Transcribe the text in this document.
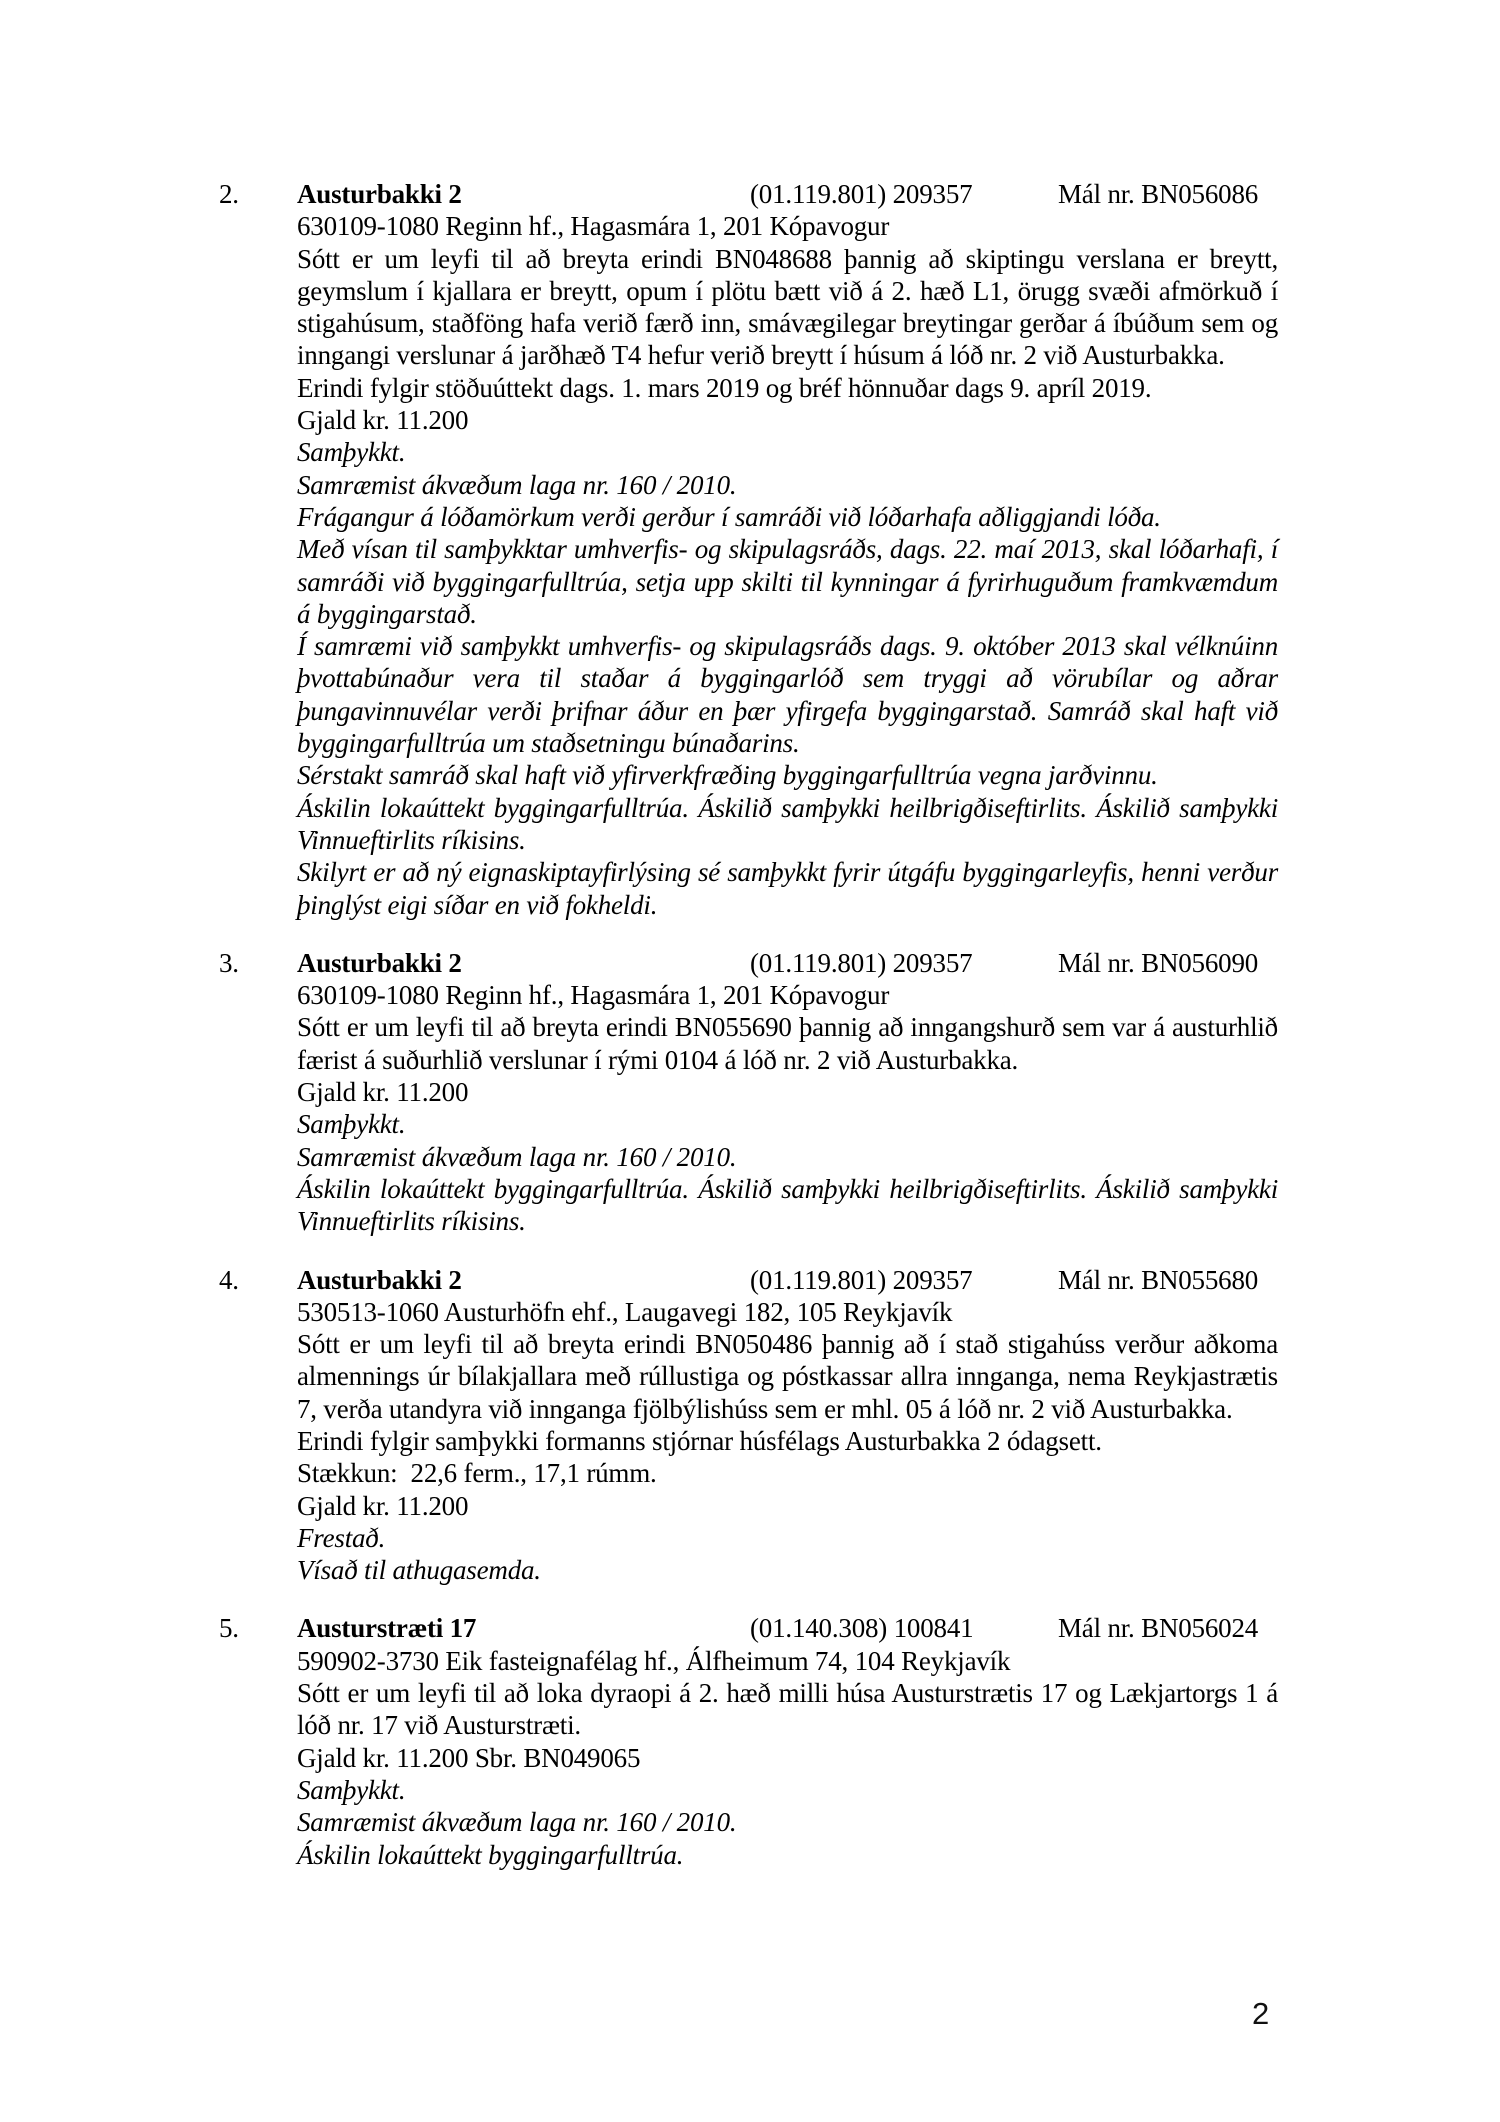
2. Austurbakki 2	(01.119.801) 209357	Mál nr. BN056086
630109-1080 Reginn hf., Hagasmára 1, 201 Kópavogur

Sótt er um leyfi til að breyta erindi BN048688 þannig að skiptingu verslana er breytt, geymslum í kjallara er breytt, opum í plötu bætt við á 2. hæð L1, örugg svæði afmörkuð í stigahúsum, staðföng hafa verið færð inn, smávægilegar breytingar gerðar á íbúðum sem og inngangi verslunar á jarðhæð T4 hefur verið breytt í húsum á lóð nr. 2 við Austurbakka.

Erindi fylgir stöðuúttekt dags. 1. mars 2019 og bréf hönnuðar dags 9. apríl 2019.

Gjald kr. 11.200

Samþykkt.

Samræmist ákvæðum laga nr. 160 / 2010.

Frágangur á lóðamörkum verði gerður í samráði við lóðarhafa aðliggjandi lóða.

Með vísan til samþykktar umhverfis- og skipulagsráðs, dags. 22. maí 2013, skal lóðarhafi, í samráði við byggingarfulltrúa, setja upp skilti til kynningar á fyrirhuguðum framkvæmdum á byggingarstað.

Í samræmi við samþykkt umhverfis- og skipulagsráðs dags. 9. október 2013 skal vélknúinn þvottabúnaður vera til staðar á byggingarlóð sem tryggi að vörubílar og aðrar þungavinnuvélar verði þrifnar áður en þær yfirgefa byggingarstað. Samráð skal haft við byggingarfulltrúa um staðsetningu búnaðarins.

Sérstakt samráð skal haft við yfirverkfræðing byggingarfulltrúa vegna jarðvinnu.

Áskilin lokaúttekt byggingarfulltrúa. Áskilið samþykki heilbrigðiseftirlits. Áskilið samþykki Vinnueftirlits ríkisins.

Skilyrt er að ný eignaskiptayfirlýsing sé samþykkt fyrir útgáfu byggingarleyfis, henni verður þinglýst eigi síðar en við fokheldi.

3. Austurbakki 2	(01.119.801) 209357	Mál nr. BN056090
630109-1080 Reginn hf., Hagasmára 1, 201 Kópavogur

Sótt er um leyfi til að breyta erindi BN055690 þannig að inngangshurð sem var á austurhlið færist á suðurhlið verslunar í rými 0104 á lóð nr. 2 við Austurbakka.

Gjald kr. 11.200

Samþykkt.

Samræmist ákvæðum laga nr. 160 / 2010.

Áskilin lokaúttekt byggingarfulltrúa. Áskilið samþykki heilbrigðiseftirlits. Áskilið samþykki Vinnueftirlits ríkisins.

4. Austurbakki 2	(01.119.801) 209357	Mál nr. BN055680
530513-1060 Austurhöfn ehf., Laugavegi 182, 105 Reykjavík

Sótt er um leyfi til að breyta erindi BN050486 þannig að í stað stigahúss verður aðkoma almennings úr bílakjallara með rúllustiga og póstkassar allra innganga, nema Reykjastrætis 7, verða utandyra við innganga fjölbýlishúss sem er mhl. 05 á lóð nr. 2 við Austurbakka.

Erindi fylgir samþykki formanns stjórnar húsfélags Austurbakka 2 ódagsett.

Stækkun:  22,6 ferm., 17,1 rúmm.

Gjald kr. 11.200

Frestað.

Vísað til athugasemda.

5. Austurstræti 17	(01.140.308) 100841	Mál nr. BN056024
590902-3730 Eik fasteignafélag hf., Álfheimum 74, 104 Reykjavík

Sótt er um leyfi til að loka dyraopi á 2. hæð milli húsa Austurstrætis 17 og Lækjartorgs 1 á lóð nr. 17 við Austurstræti.

Gjald kr. 11.200 Sbr. BN049065

Samþykkt.

Samræmist ákvæðum laga nr. 160 / 2010.

Áskilin lokaúttekt byggingarfulltrúa.

2
